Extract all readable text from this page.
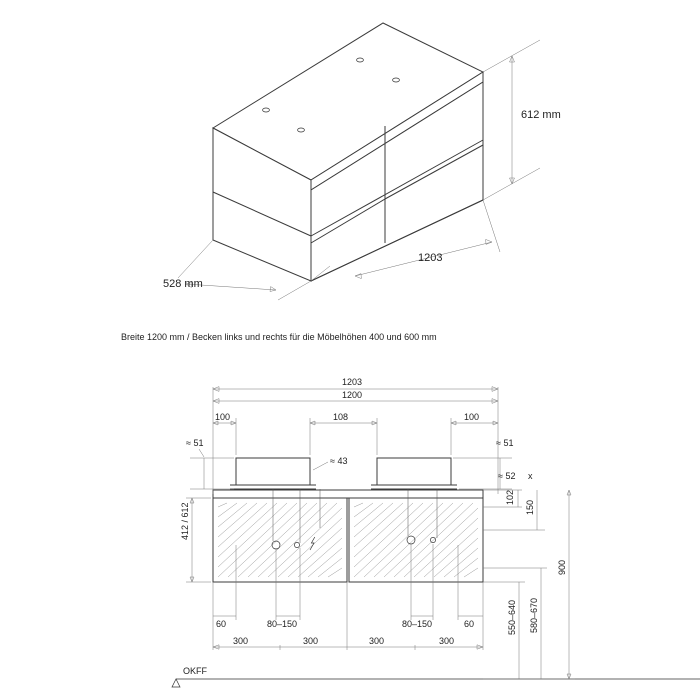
612 mm
528 mm
1203
Breite 1200 mm / Becken links und rechts für die Möbelhöhen 400 und 600 mm
OKFF
1203
1200
100	108	100
≈ 51	≈ 51
≈ 43
≈ 52 x
102
150
412 / 612
900
550–640 580–670
60	80–150	80–150	60
300	300	300	300
